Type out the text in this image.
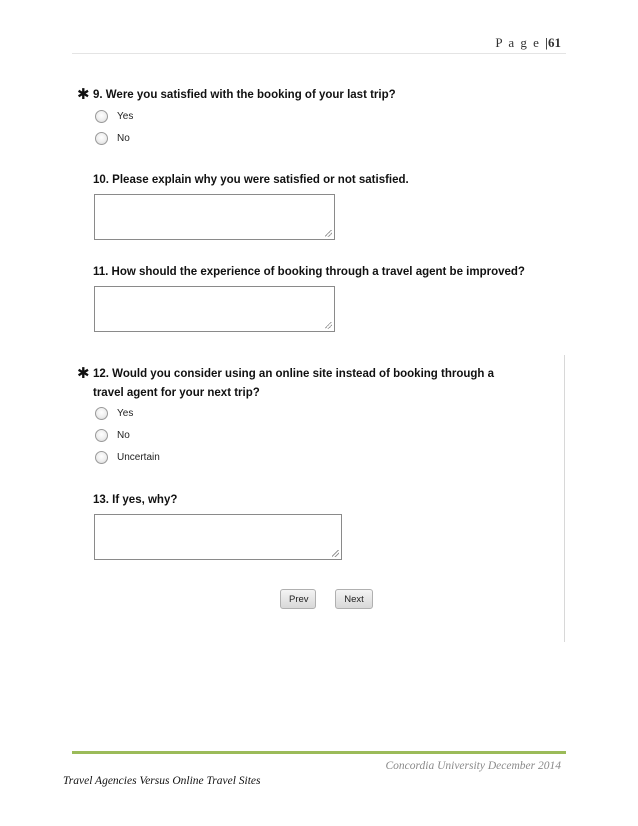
P a g e |61
✱ 9. Were you satisfied with the booking of your last trip?
Yes
No
10. Please explain why you were satisfied or not satisfied.
11. How should the experience of booking through a travel agent be improved?
✱ 12. Would you consider using an online site instead of booking through a
travel agent for your next trip?
Yes
No
Uncertain
13. If yes, why?
Prev	Next
Concordia University December 2014
Travel Agencies Versus Online Travel Sites
